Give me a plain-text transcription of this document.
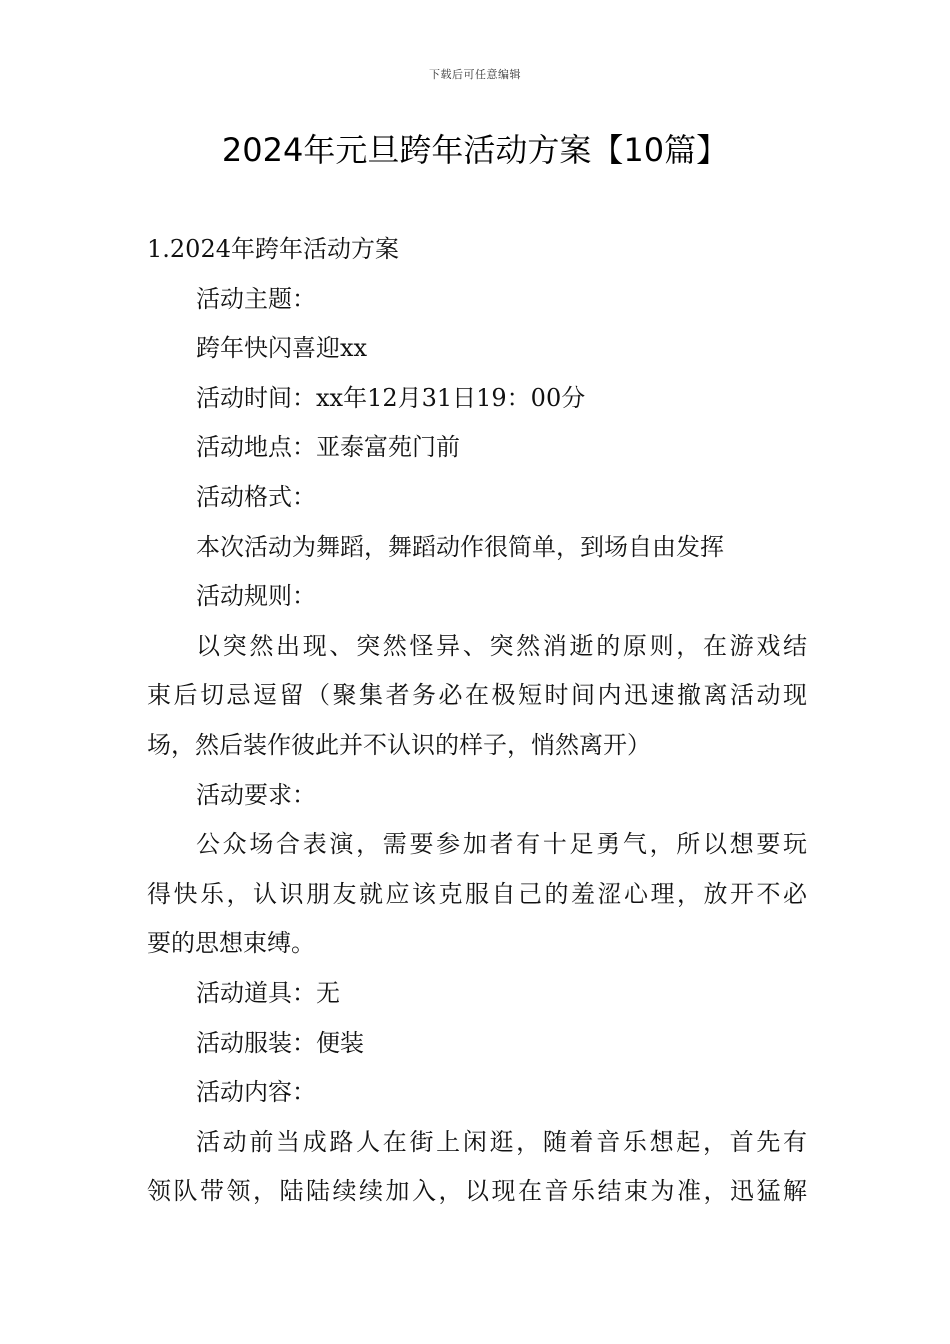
下载后可任意编辑
2024年元旦跨年活动方案【10篇】
1.2024年跨年活动方案
活动主题：
跨年快闪喜迎xx
活动时间：xx年12月31日19：00分
活动地点：亚泰富苑门前
活动格式：
本次活动为舞蹈，舞蹈动作很简单，到场自由发挥
活动规则：
以突然出现、突然怪异、突然消逝的原则，在游戏结
束后切忌逗留（聚集者务必在极短时间内迅速撤离活动现
场，然后装作彼此并不认识的样子，悄然离开）
活动要求：
公众场合表演，需要参加者有十足勇气，所以想要玩
得快乐，认识朋友就应该克服自己的羞涩心理，放开不必
要的思想束缚。
活动道具：无
活动服装：便装
活动内容：
活动前当成路人在街上闲逛，随着音乐想起，首先有
领队带领，陆陆续续加入，以现在音乐结束为准，迅猛解
